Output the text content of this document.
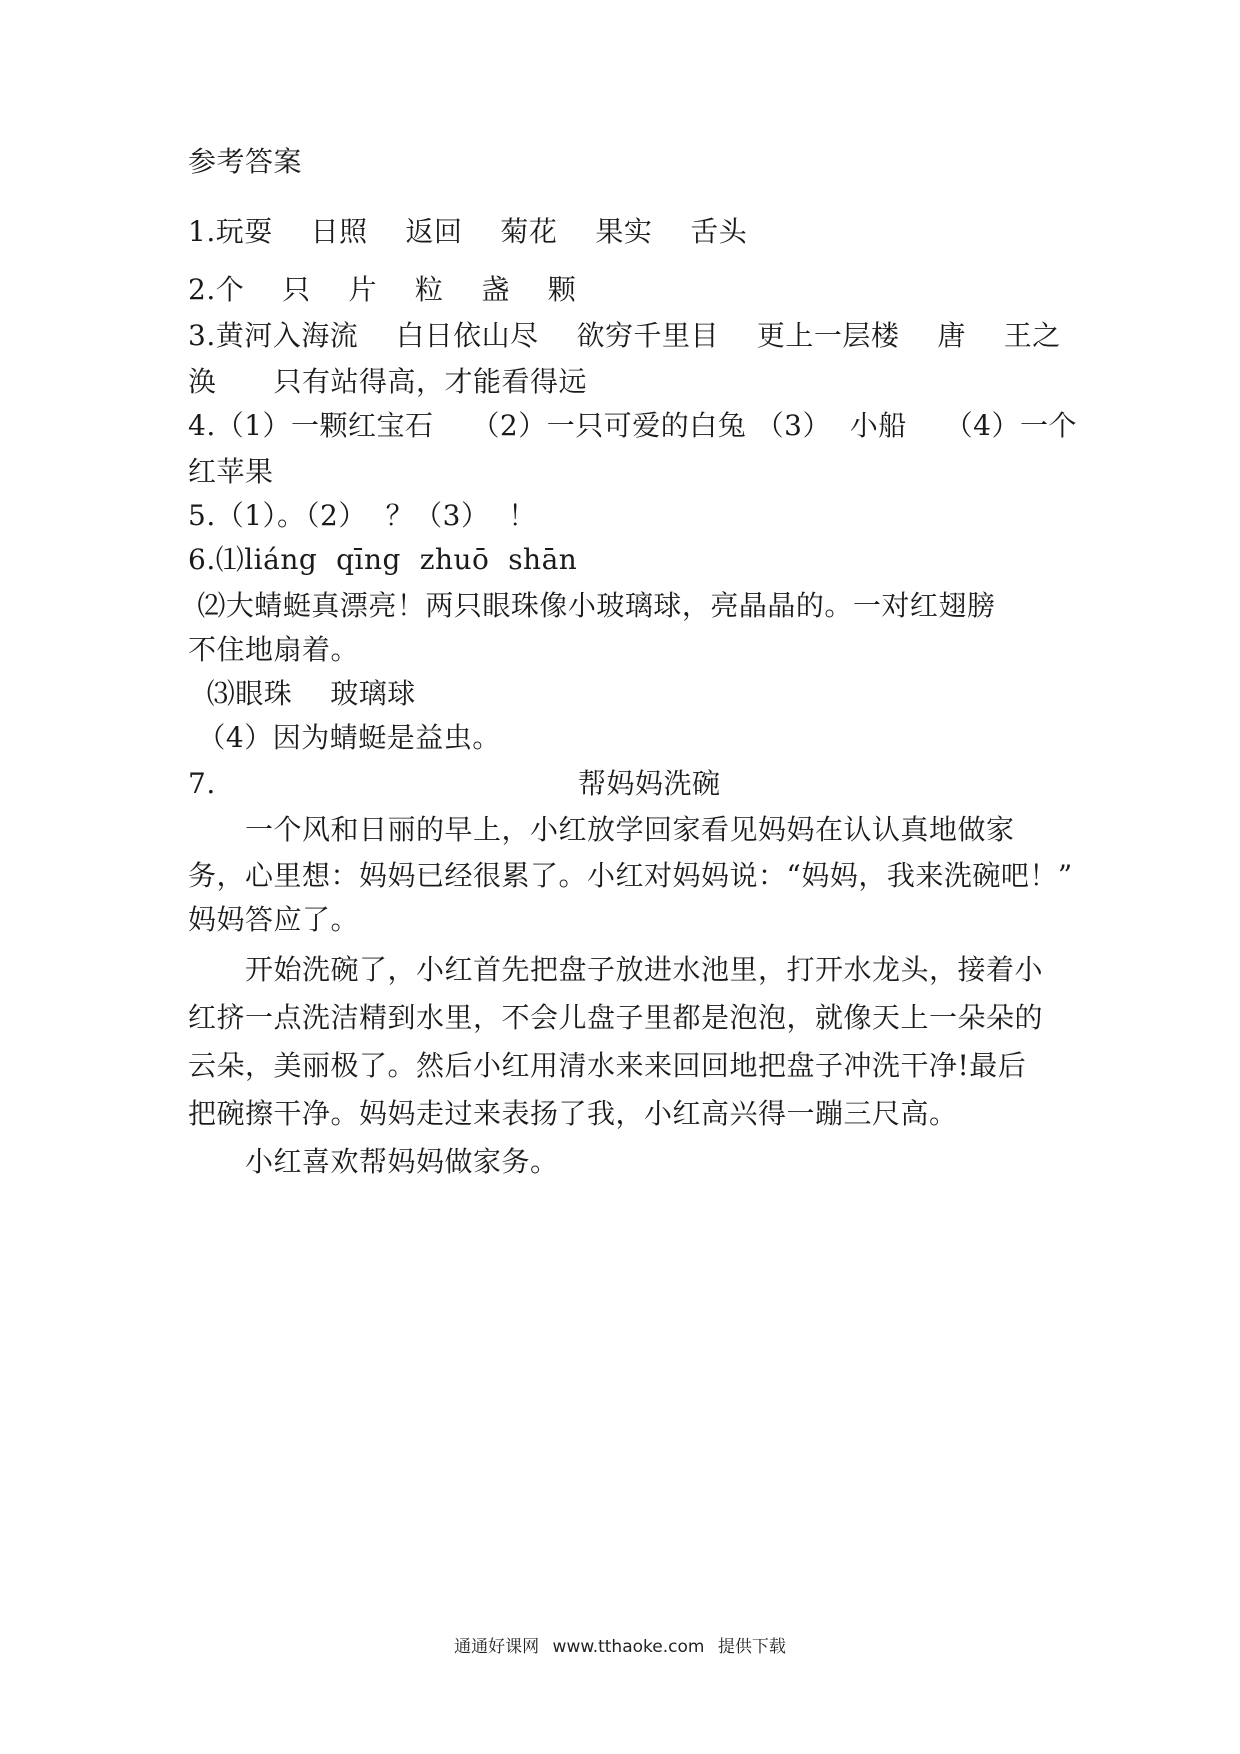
参考答案
1.玩耍　 日照　 返回　 菊花　 果实　 舌头
2.个　 只　 片　 粒　 盏　 颗
3.黄河入海流　 白日依山尽　 欲穷千里目　 更上一层楼　 唐　 王之
涣　　只有站得高，才能看得远
4.（1）一颗红宝石　 （2）一只可爱的白兔 （3）  小船　 （4）一个
红苹果
5.（1）。（2）  ？（3）  ！
6.⑴liáng  qīng  zhuō  shān
⑵大蜻蜓真漂亮！两只眼珠像小玻璃球，亮晶晶的。一对红翅膀
不住地扇着。
⑶眼珠　 玻璃球
（4）因为蜻蜓是益虫。
7.	帮妈妈洗碗
　　一个风和日丽的早上，小红放学回家看见妈妈在认认真地做家
务，心里想：妈妈已经很累了。小红对妈妈说：“妈妈，我来洗碗吧！”
妈妈答应了。
　　开始洗碗了，小红首先把盘子放进水池里，打开水龙头，接着小
红挤一点洗洁精到水里，不会儿盘子里都是泡泡，就像天上一朵朵的
云朵，美丽极了。然后小红用清水来来回回地把盘子冲洗干净!最后
把碗擦干净。妈妈走过来表扬了我，小红高兴得一蹦三尺高。
　　小红喜欢帮妈妈做家务。
通通好课网 www.tthaoke.com 提供下载
